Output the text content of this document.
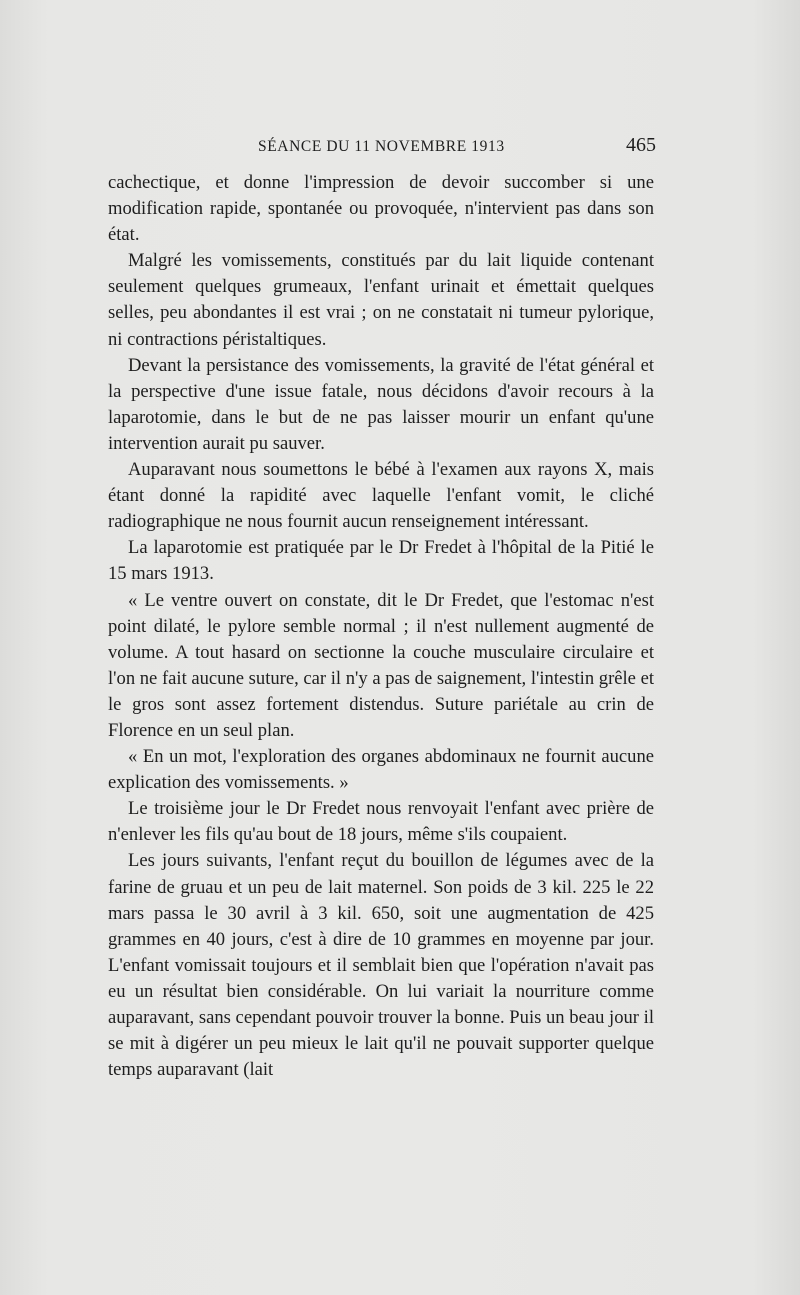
SÉANCE DU 11 NOVEMBRE 1913	465

cachectique, et donne l'impression de devoir succomber si une modification rapide, spontanée ou provoquée, n'intervient pas dans son état.

Malgré les vomissements, constitués par du lait liquide contenant seulement quelques grumeaux, l'enfant urinait et émettait quelques selles, peu abondantes il est vrai ; on ne constatait ni tumeur pylorique, ni contractions péristaltiques.

Devant la persistance des vomissements, la gravité de l'état général et la perspective d'une issue fatale, nous décidons d'avoir recours à la laparotomie, dans le but de ne pas laisser mourir un enfant qu'une intervention aurait pu sauver.

Auparavant nous soumettons le bébé à l'examen aux rayons X, mais étant donné la rapidité avec laquelle l'enfant vomit, le cliché radiographique ne nous fournit aucun renseignement intéressant.

La laparotomie est pratiquée par le Dr Fredet à l'hôpital de la Pitié le 15 mars 1913.

« Le ventre ouvert on constate, dit le Dr Fredet, que l'estomac n'est point dilaté, le pylore semble normal ; il n'est nullement augmenté de volume. A tout hasard on sectionne la couche musculaire circulaire et l'on ne fait aucune suture, car il n'y a pas de saignement, l'intestin grêle et le gros sont assez fortement distendus. Suture pariétale au crin de Florence en un seul plan.

« En un mot, l'exploration des organes abdominaux ne fournit aucune explication des vomissements. »

Le troisième jour le Dr Fredet nous renvoyait l'enfant avec prière de n'enlever les fils qu'au bout de 18 jours, même s'ils coupaient.

Les jours suivants, l'enfant reçut du bouillon de légumes avec de la farine de gruau et un peu de lait maternel. Son poids de 3 kil. 225 le 22 mars passa le 30 avril à 3 kil. 650, soit une augmentation de 425 grammes en 40 jours, c'est à dire de 10 grammes en moyenne par jour. L'enfant vomissait toujours et il semblait bien que l'opération n'avait pas eu un résultat bien considérable. On lui variait la nourriture comme auparavant, sans cependant pouvoir trouver la bonne. Puis un beau jour il se mit à digérer un peu mieux le lait qu'il ne pouvait supporter quelque temps auparavant (lait
